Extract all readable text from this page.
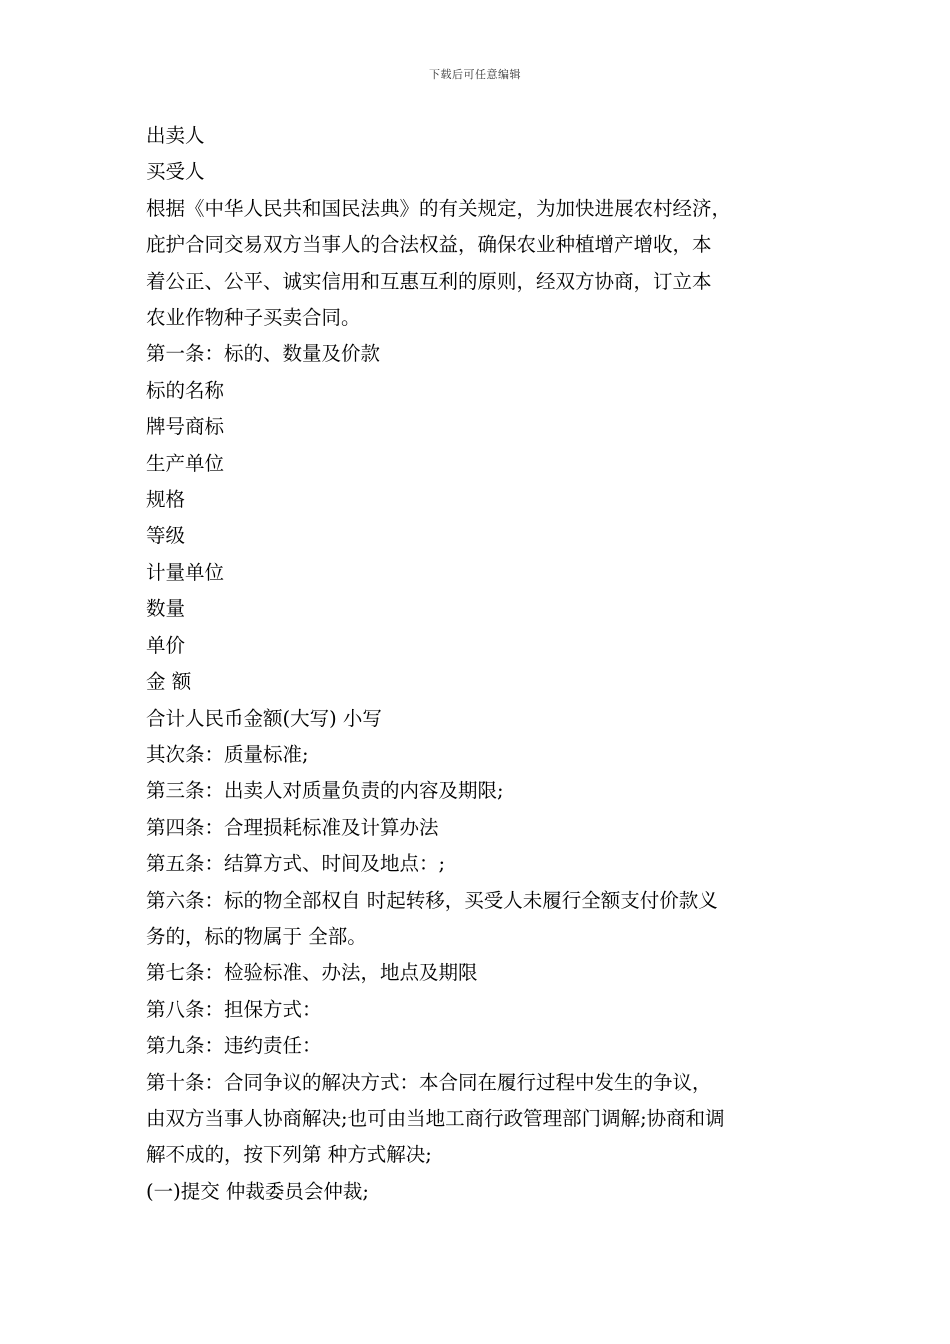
下载后可任意编辑

出卖人

买受人

根据《中华人民共和国民法典》的有关规定，为加快进展农村经济，

庇护合同交易双方当事人的合法权益，确保农业种植增产增收，本

着公正、公平、诚实信用和互惠互利的原则，经双方协商，订立本

农业作物种子买卖合同。

第一条：标的、数量及价款

标的名称

牌号商标

生产单位

规格

等级

计量单位

数量

单价

金 额

合计人民币金额(大写) 小写

其次条：质量标准;

第三条：出卖人对质量负责的内容及期限;

第四条：合理损耗标准及计算办法

第五条：结算方式、时间及地点：;

第六条：标的物全部权自 时起转移，买受人未履行全额支付价款义

务的，标的物属于 全部。

第七条：检验标准、办法，地点及期限

第八条：担保方式：

第九条：违约责任：

第十条：合同争议的解决方式：本合同在履行过程中发生的争议，

由双方当事人协商解决;也可由当地工商行政管理部门调解;协商和调

解不成的，按下列第 种方式解决;

(一)提交 仲裁委员会仲裁;
